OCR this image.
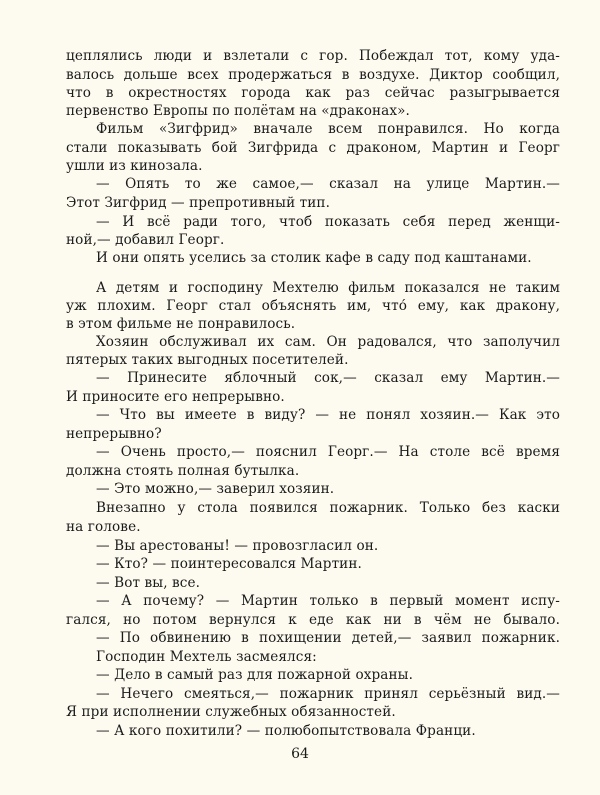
цеплялись люди и взлетали с гор. Побеждал тот, кому уда-
валось дольше всех продержаться в воздухе. Диктор сообщил,
что в окрестностях города как раз сейчас разыгрывается
первенство Европы по полётам на «драконах».
Фильм «Зигфрид» вначале всем понравился. Но когда
стали показывать бой Зигфрида с драконом, Мартин и Георг
ушли из кинозала.
— Опять то же самое,— сказал на улице Мартин.—
Этот Зигфрид — препротивный тип.
— И всё ради того, чтоб показать себя перед женщи-
ной,— добавил Георг.
И они опять уселись за столик кафе в саду под каштанами.
А детям и господину Мехтелю фильм показался не таким
уж плохим. Георг стал объяснять им, что́ ему, как дракону,
в этом фильме не понравилось.
Хозяин обслуживал их сам. Он радовался, что заполучил
пятерых таких выгодных посетителей.
— Принесите яблочный сок,— сказал ему Мартин.—
И приносите его непрерывно.
— Что вы имеете в виду? — не понял хозяин.— Как это
непрерывно?
— Очень просто,— пояснил Георг.— На столе всё время
должна стоять полная бутылка.
— Это можно,— заверил хозяин.
Внезапно у стола появился пожарник. Только без каски
на голове.
— Вы арестованы! — провозгласил он.
— Кто? — поинтересовался Мартин.
— Вот вы, все.
— А почему? — Мартин только в первый момент испу-
гался, но потом вернулся к еде как ни в чём не бывало.
— По обвинению в похищении детей,— заявил пожарник.
Господин Мехтель засмеялся:
— Дело в самый раз для пожарной охраны.
— Нечего смеяться,— пожарник принял серьёзный вид.—
Я при исполнении служебных обязанностей.
— А кого похитили? — полюбопытствовала Франци.
64
